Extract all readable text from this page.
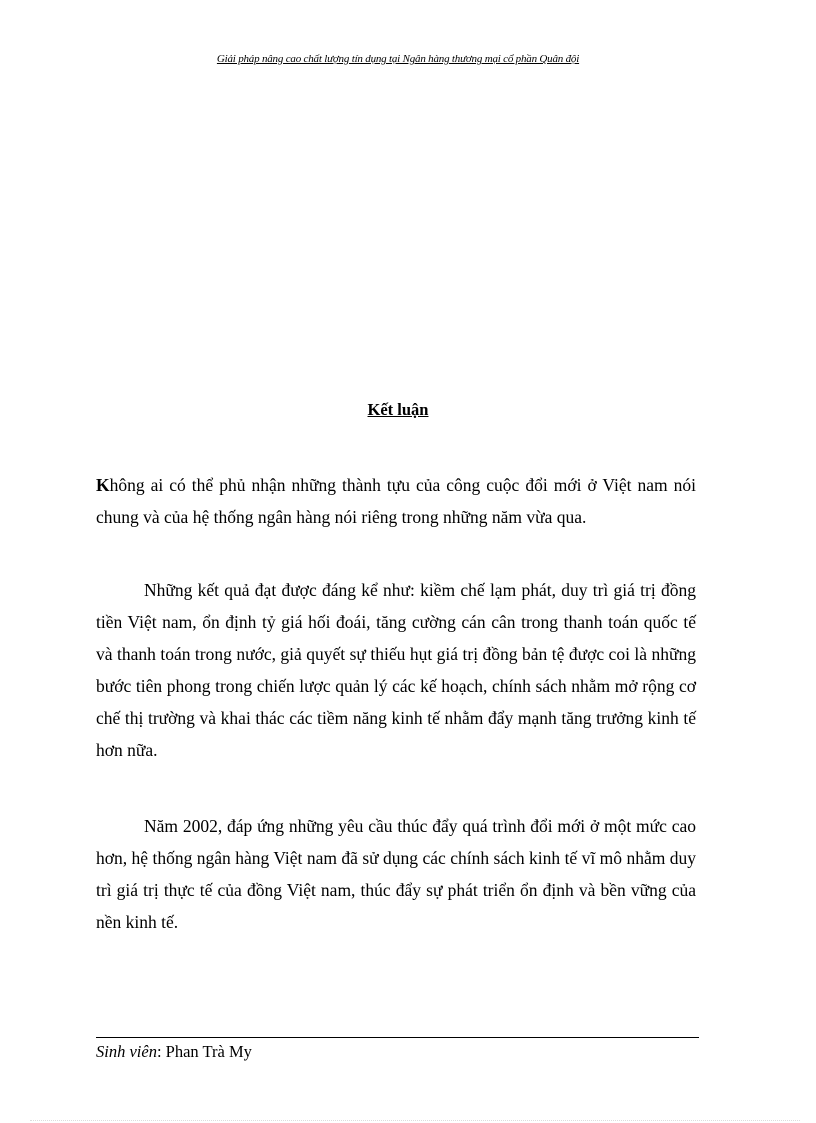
Giải pháp nâng cao chất lượng tín dụng tại Ngân hàng thương mại cổ phần Quân đội
Kết luận

Không ai có thể phủ nhận những thành tựu của công cuộc đổi mới ở Việt nam nói chung và của hệ thống ngân hàng nói riêng trong những năm vừa qua.

Những kết quả đạt được đáng kể như: kiềm chế lạm phát, duy trì giá trị đồng tiền Việt nam, ổn định tỷ giá hối đoái, tăng cường cán cân trong thanh toán quốc tế và thanh toán trong nước, giả quyết sự thiếu hụt giá trị đồng bản tệ được coi là những bước tiên phong trong chiến lược quản lý các kế hoạch, chính sách nhằm mở rộng cơ chế thị trường và khai thác các tiềm năng kinh tế nhằm đẩy mạnh tăng trưởng kinh tế hơn nữa.

Năm 2002, đáp ứng những yêu cầu thúc đẩy quá trình đổi mới ở một mức cao hơn, hệ thống ngân hàng Việt nam đã sử dụng các chính sách kinh tế vĩ mô nhằm duy trì giá trị thực tế của đồng Việt nam, thúc đẩy sự phát triển ổn định và bền vững của nền kinh tế.

Sinh viên: Phan Trà My
